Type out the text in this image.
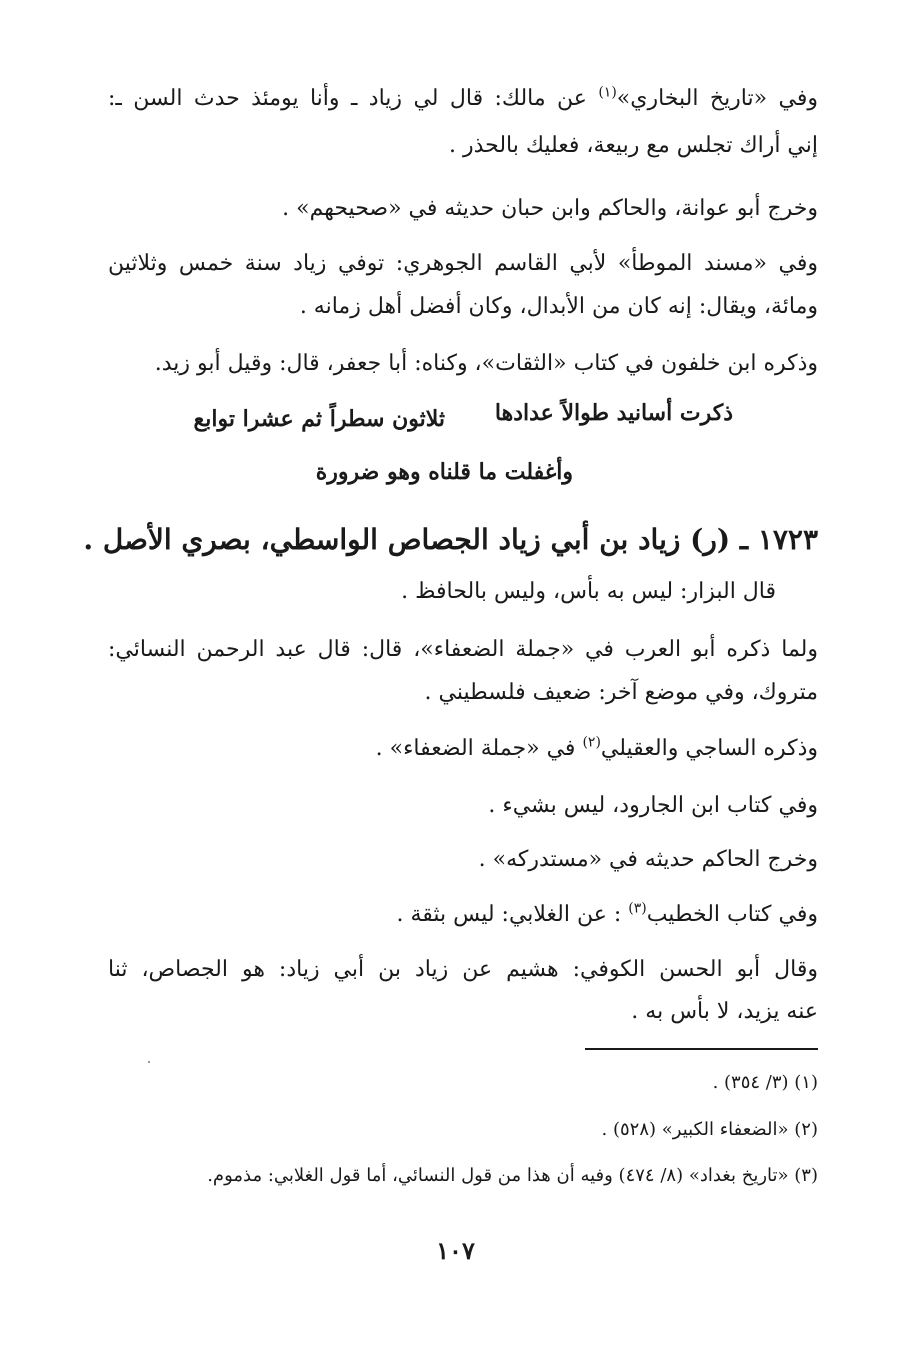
وفي «تاريخ البخاري»$^{(١)}$ عن مالك: قال لي زياد ـ وأنا يومئذ حدث السن ـ:
إني أراك تجلس مع ربيعة، فعليك بالحذر .
وخرج أبو عوانة، والحاكم وابن حبان حديثه في «صحيحهم» .
وفي «مسند الموطأ» لأبي القاسم الجوهري: توفي زياد سنة خمس وثلاثين
ومائة، ويقال: إنه كان من الأبدال، وكان أفضل أهل زمانه .
وذكره ابن خلفون في كتاب «الثقات»، وكناه: أبا جعفر، قال: وقيل أبو زيد.
ذكرت أسانيد طوالاً عدادها
ثلاثون سطراً ثم عشرا توابع
وأغفلت ما قلناه وهو ضرورة
١٧٢٣ ـ (ر) زياد بن أبي زياد الجصاص الواسطي، بصري الأصل .
قال البزار: ليس به بأس، وليس بالحافظ .
ولما ذكره أبو العرب في «جملة الضعفاء»، قال: قال عبد الرحمن النسائي:
متروك، وفي موضع آخر: ضعيف فلسطيني .
وذكره الساجي والعقيلي$^{(٢)}$ في «جملة الضعفاء» .
وفي كتاب ابن الجارود، ليس بشيء .
وخرج الحاكم حديثه في «مستدركه» .
وفي كتاب الخطيب$^{(٣)}$ : عن الغلابي: ليس بثقة .
وقال أبو الحسن الكوفي: هشيم عن زياد بن أبي زياد: هو الجصاص، ثنا
عنه يزيد، لا بأس به .
(١) (٣/ ٣٥٤) .
(٢) «الضعفاء الكبير» (٥٢٨) .
(٣) «تاريخ بغداد» (٨/ ٤٧٤) وفيه أن هذا من قول النسائي، أما قول الغلابي: مذموم.
١٠٧
